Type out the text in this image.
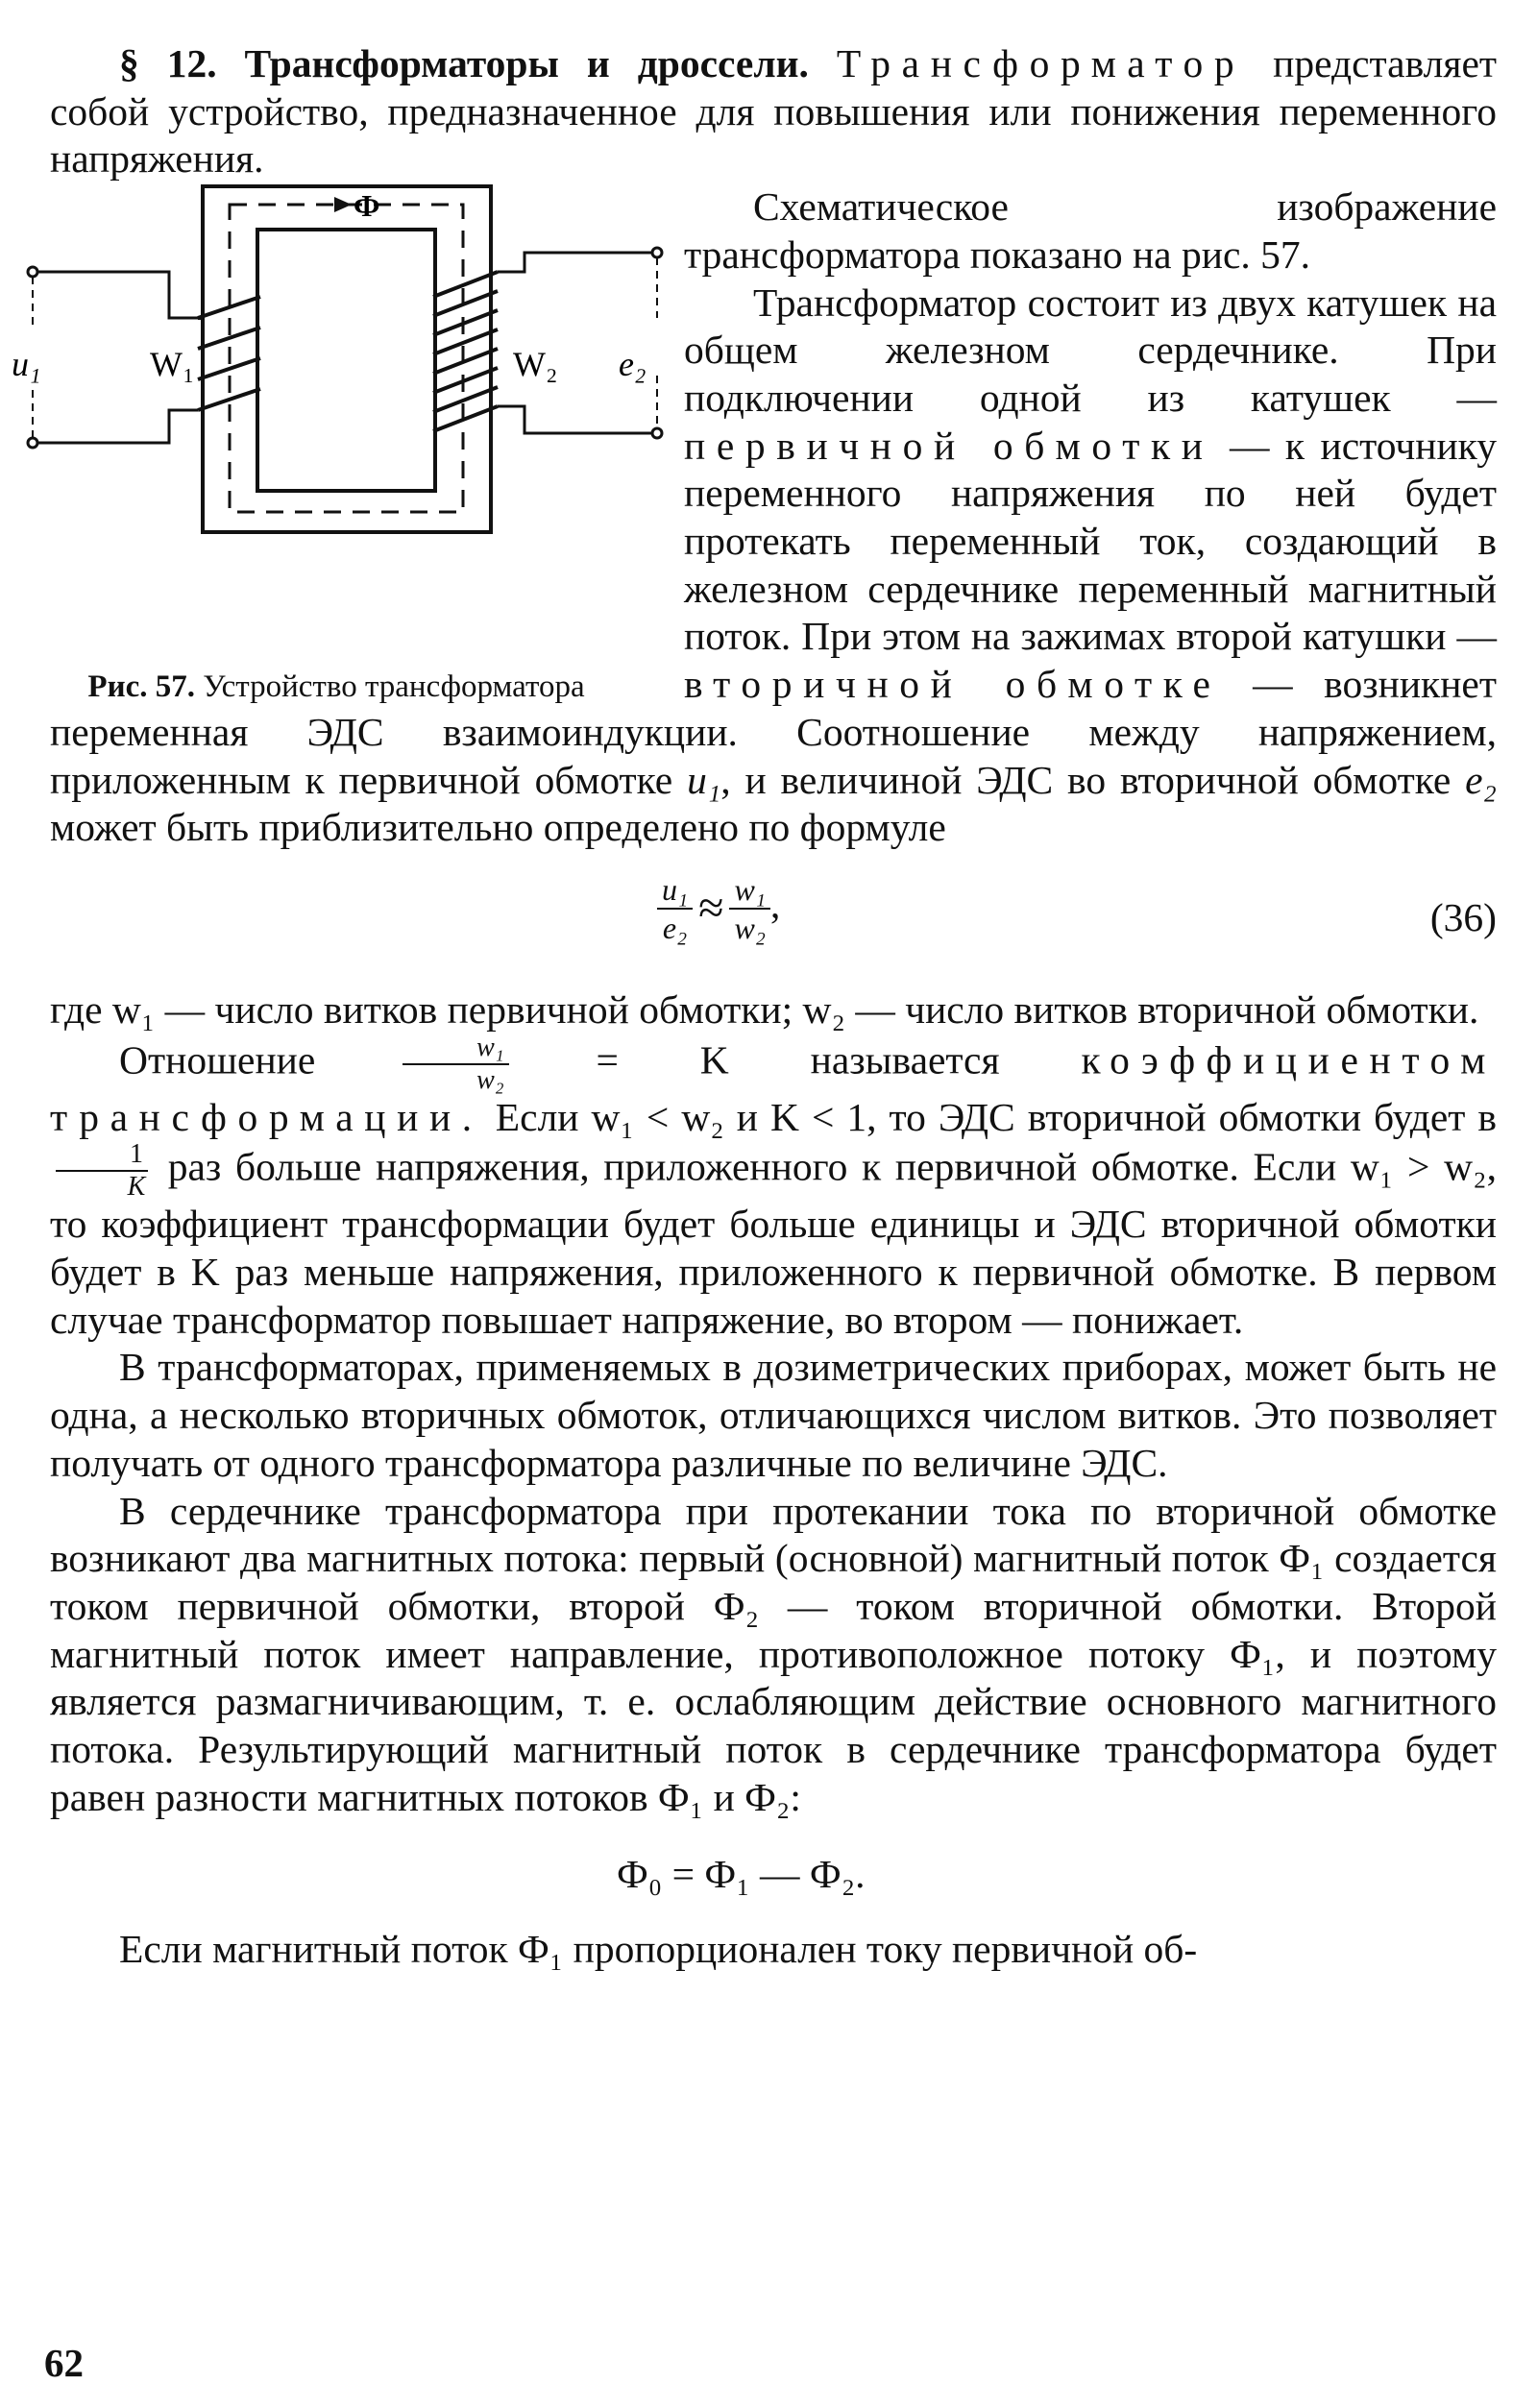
§ 12. Трансформаторы и дроссели. Трансформатор представляет собой устройство, предназначенное для повышения или понижения переменного напряжения.

Ф
u₁	W₁	W₂ e₂
Рис. 57. Устройство трансформатора

Схематическое изображение трансформатора показано на рис. 57.

Трансформатор состоит из двух катушек на общем железном сердечнике. При подключении одной из катушек — первичной обмотки — к источнику переменного напряжения по ней будет протекать переменный ток, создающий в железном сердечнике переменный магнитный поток. При этом на зажимах второй катушки — вторичной обмотке — возникнет переменная ЭДС взаимоиндукции. Соотношение между напряжением, приложенным к первичной обмотке u₁, и величиной ЭДС во вторичной обмотке e₂ может быть приблизительно определено по формуле

$\frac{\text{u₁}}{\text{e₂}} \approx \frac{\text{w₁}}{\text{w₂}}$ ,	(36)

где w₁ — число витков первичной обмотки; w₂ — число витков вторичной обмотки.

Отношение $\frac{\text{w₁}}{\text{w₂}} = K$ называется коэффициентом трансформации. Если w₁ < w₂ и K < 1, то ЭДС вторичной обмотки будет в
$\frac{1}{K}$ раз больше напряжения, приложенного к первичной обмотке. Если w₁ > w₂, то коэффициент трансформации будет больше единицы и ЭДС вторичной обмотки будет в K раз меньше напряжения, приложенного к первичной обмотке. В первом случае трансформатор повышает напряжение, во втором — понижает.

В трансформаторах, применяемых в дозиметрических приборах, может быть не одна, а несколько вторичных обмоток, отличающихся числом витков. Это позволяет получать от одного трансформатора различные по величине ЭДС.

В сердечнике трансформатора при протекании тока по вторичной обмотке возникают два магнитных потока: первый (основной) магнитный поток Ф₁ создается током первичной обмотки, второй Ф₂ — током вторичной обмотки. Второй магнитный поток имеет направление, противоположное потоку Ф₁, и поэтому является размагничивающим, т. е. ослабляющим действие основного магнитного потока. Результирующий магнитный поток в сердечнике трансформатора будет равен разности магнитных потоков Ф₁ и Ф₂:

Ф₀ = Ф₁ — Ф₂.

Если магнитный поток Ф₁ пропорционален току первичной об-

62
